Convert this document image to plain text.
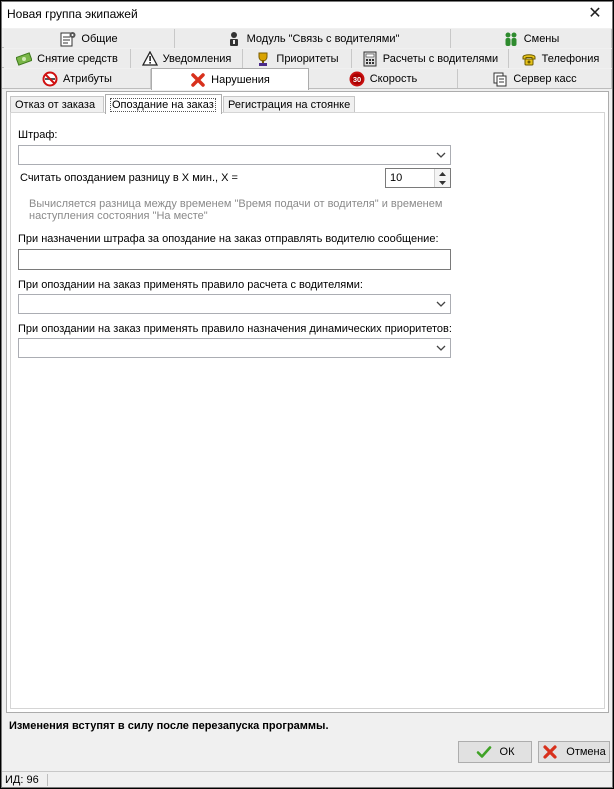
Новая группа экипажей	✕
Общие	Модуль "Связь с водителями"	Смены
Снятие средств	Уведомления	Приоритеты	Расчеты с водителями	Телефония
Атрибуты	Нарушения	30 Скорость	Сервер касс
Отказ от заказа Опоздание на заказ Регистрация на стоянке
Штраф:
Считать опозданием разницу в X мин., X =	10
Вычисляется разница между временем "Время подачи от водителя" и временем наступления состояния "На месте"
При назначении штрафа за опоздание на заказ отправлять водителю сообщение:
При опоздании на заказ применять правило расчета с водителями:
При опоздании на заказ применять правило назначения динамических приоритетов:
Изменения вступят в силу после перезапуска программы.
ОК	Отмена
ИД: 96
